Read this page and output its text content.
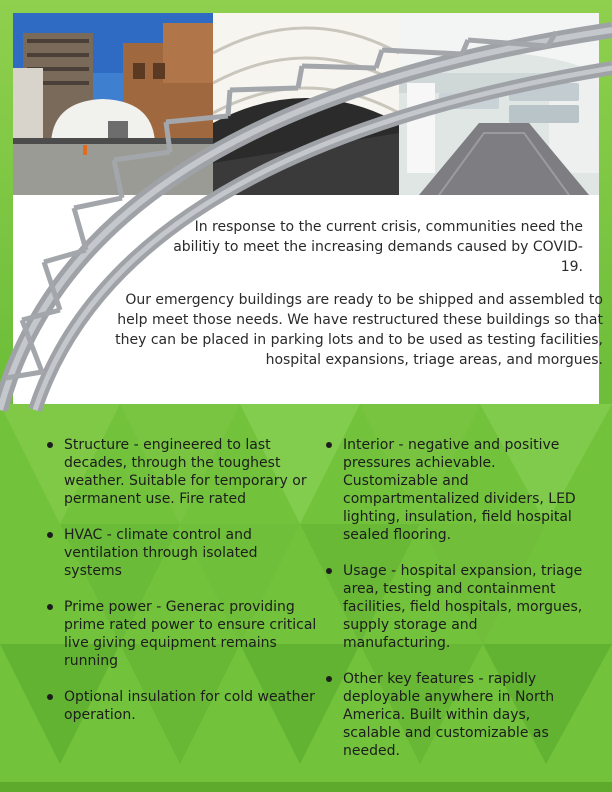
In response to the current crisis, communities need the abilitiy to meet the increasing demands caused by COVID-19.

Our emergency buildings are ready to be shipped and assembled to help meet those needs. We have restructured these buildings so that they can be placed in parking lots and to be used as testing facilities, hospital expansions, triage areas, and morgues.

Structure - engineered to last decades, through the toughest weather. Suitable for temporary or permanent use. Fire rated
HVAC - climate control and ventilation through isolated systems
Prime power - Generac providing prime rated power to ensure critical live giving equipment remains running
Optional insulation for cold weather operation.
Interior - negative and positive pressures achievable. Customizable and compartmentalized dividers, LED lighting, insulation, field hospital sealed flooring.
Usage - hospital expansion, triage area, testing and containment facilities, field hospitals, morgues, supply storage and manufacturing.
Other key features - rapidly deployable anywhere in North America. Built within days, scalable and customizable as needed.
